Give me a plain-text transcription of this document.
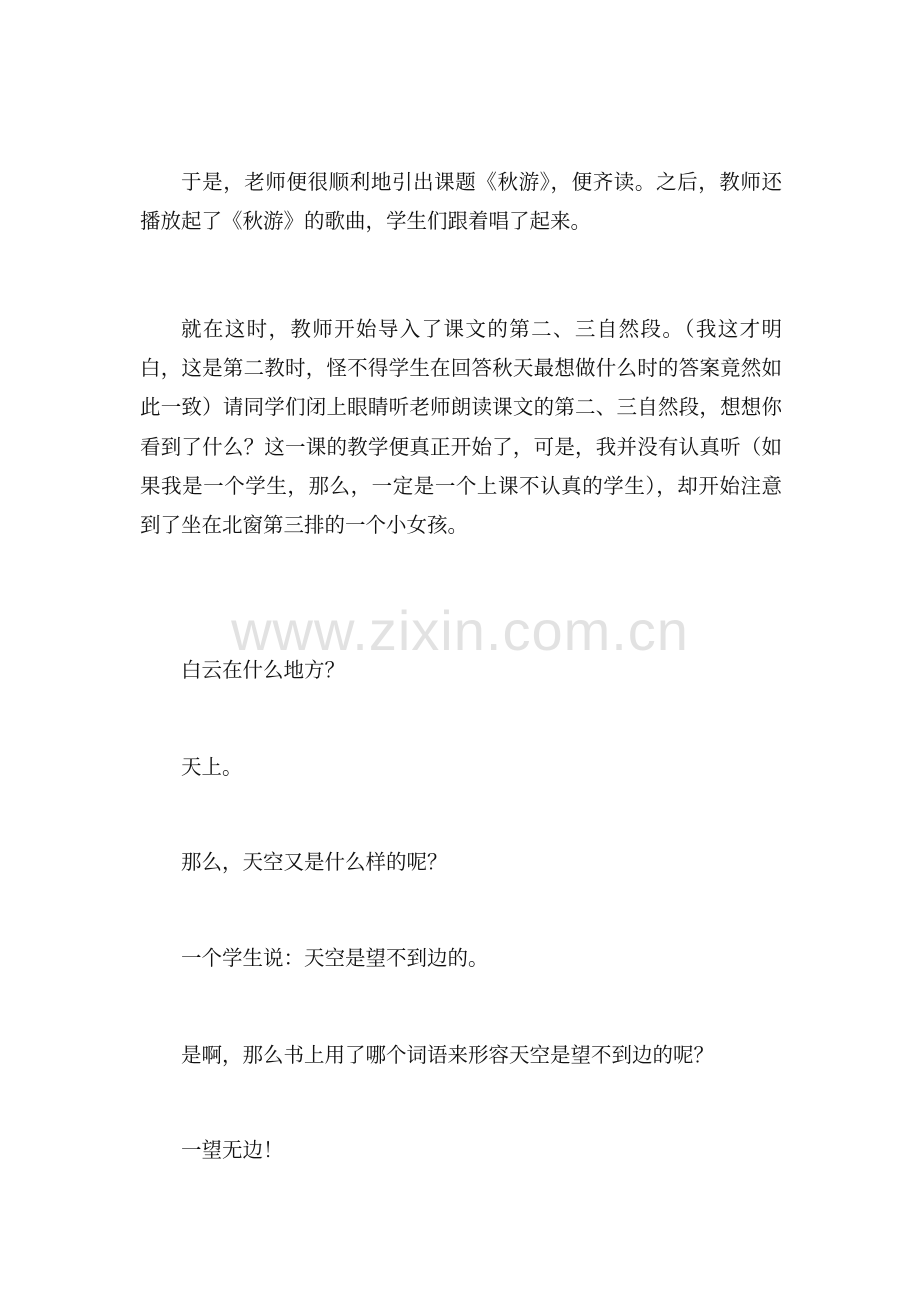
于是，老师便很顺利地引出课题《秋游》，便齐读。之后，教师还播放起了《秋游》的歌曲，学生们跟着唱了起来。

就在这时，教师开始导入了课文的第二、三自然段。（我这才明白，这是第二教时，怪不得学生在回答秋天最想做什么时的答案竟然如此一致）请同学们闭上眼睛听老师朗读课文的第二、三自然段，想想你看到了什么？这一课的教学便真正开始了，可是，我并没有认真听（如果我是一个学生，那么，一定是一个上课不认真的学生），却开始注意到了坐在北窗第三排的一个小女孩。

www.zixin.com.cn

白云在什么地方？

天上。

那么，天空又是什么样的呢？

一个学生说：天空是望不到边的。

是啊，那么书上用了哪个词语来形容天空是望不到边的呢？

一望无边！
